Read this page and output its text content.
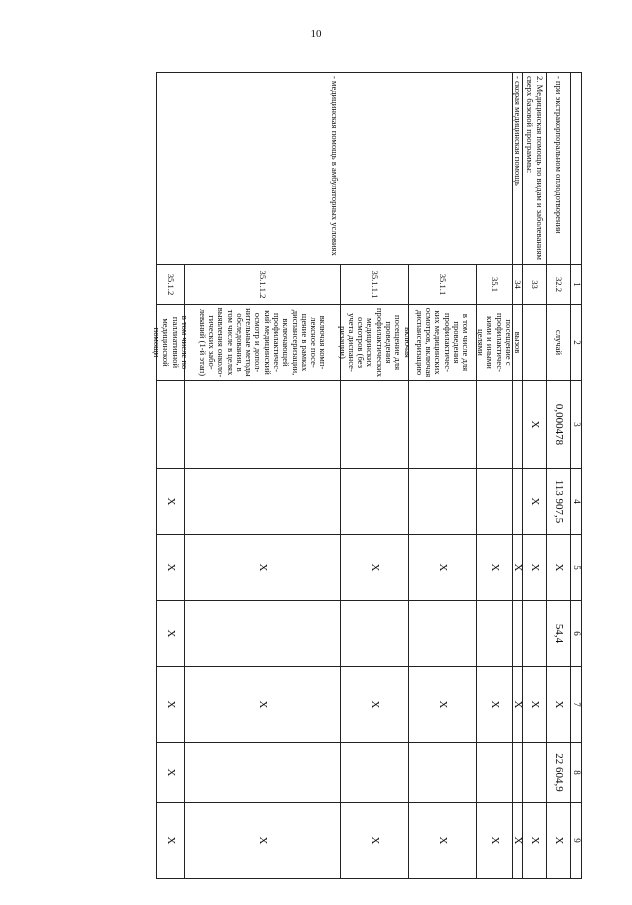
10
1
2
3
4
5
6
7
8
9
- при экстракорпоральном оплодотворении
32.2
случай
0,000478
113 907,5
X
54,4
X
22 604,9
X
2. Медицинская помощь по видам и заболеваниям сверх базовой программы:
33
X
X
X
X
X
- скорая медицинская помощь
34
вызов
X
X
X
- медицинская помощь в амбулаторных условиях
35.1
посещение с профилактичес-кими и иными целями
X
X
X
35.1.1
в том числе для проведения профилактичес-ких медицинских осмотров, включая диспансеризацию
X
X
X
35.1.1.1
включая посещение для проведения профилактических медицинских осмотров (без учета диспансе-ризации)
X
X
X
35.1.1.2
включая комп-лексное посе-щение в рамках диспансеризации, включающей профилактичес-кий медицинский осмотр и допол-нительные методы обследования, в том числе в целях выявления онколо-гических забо-леваний (1-й этап)
X
X
X
35.1.2
в том числе по паллиативной медицинской помощи
X
X
X
X
X
X
